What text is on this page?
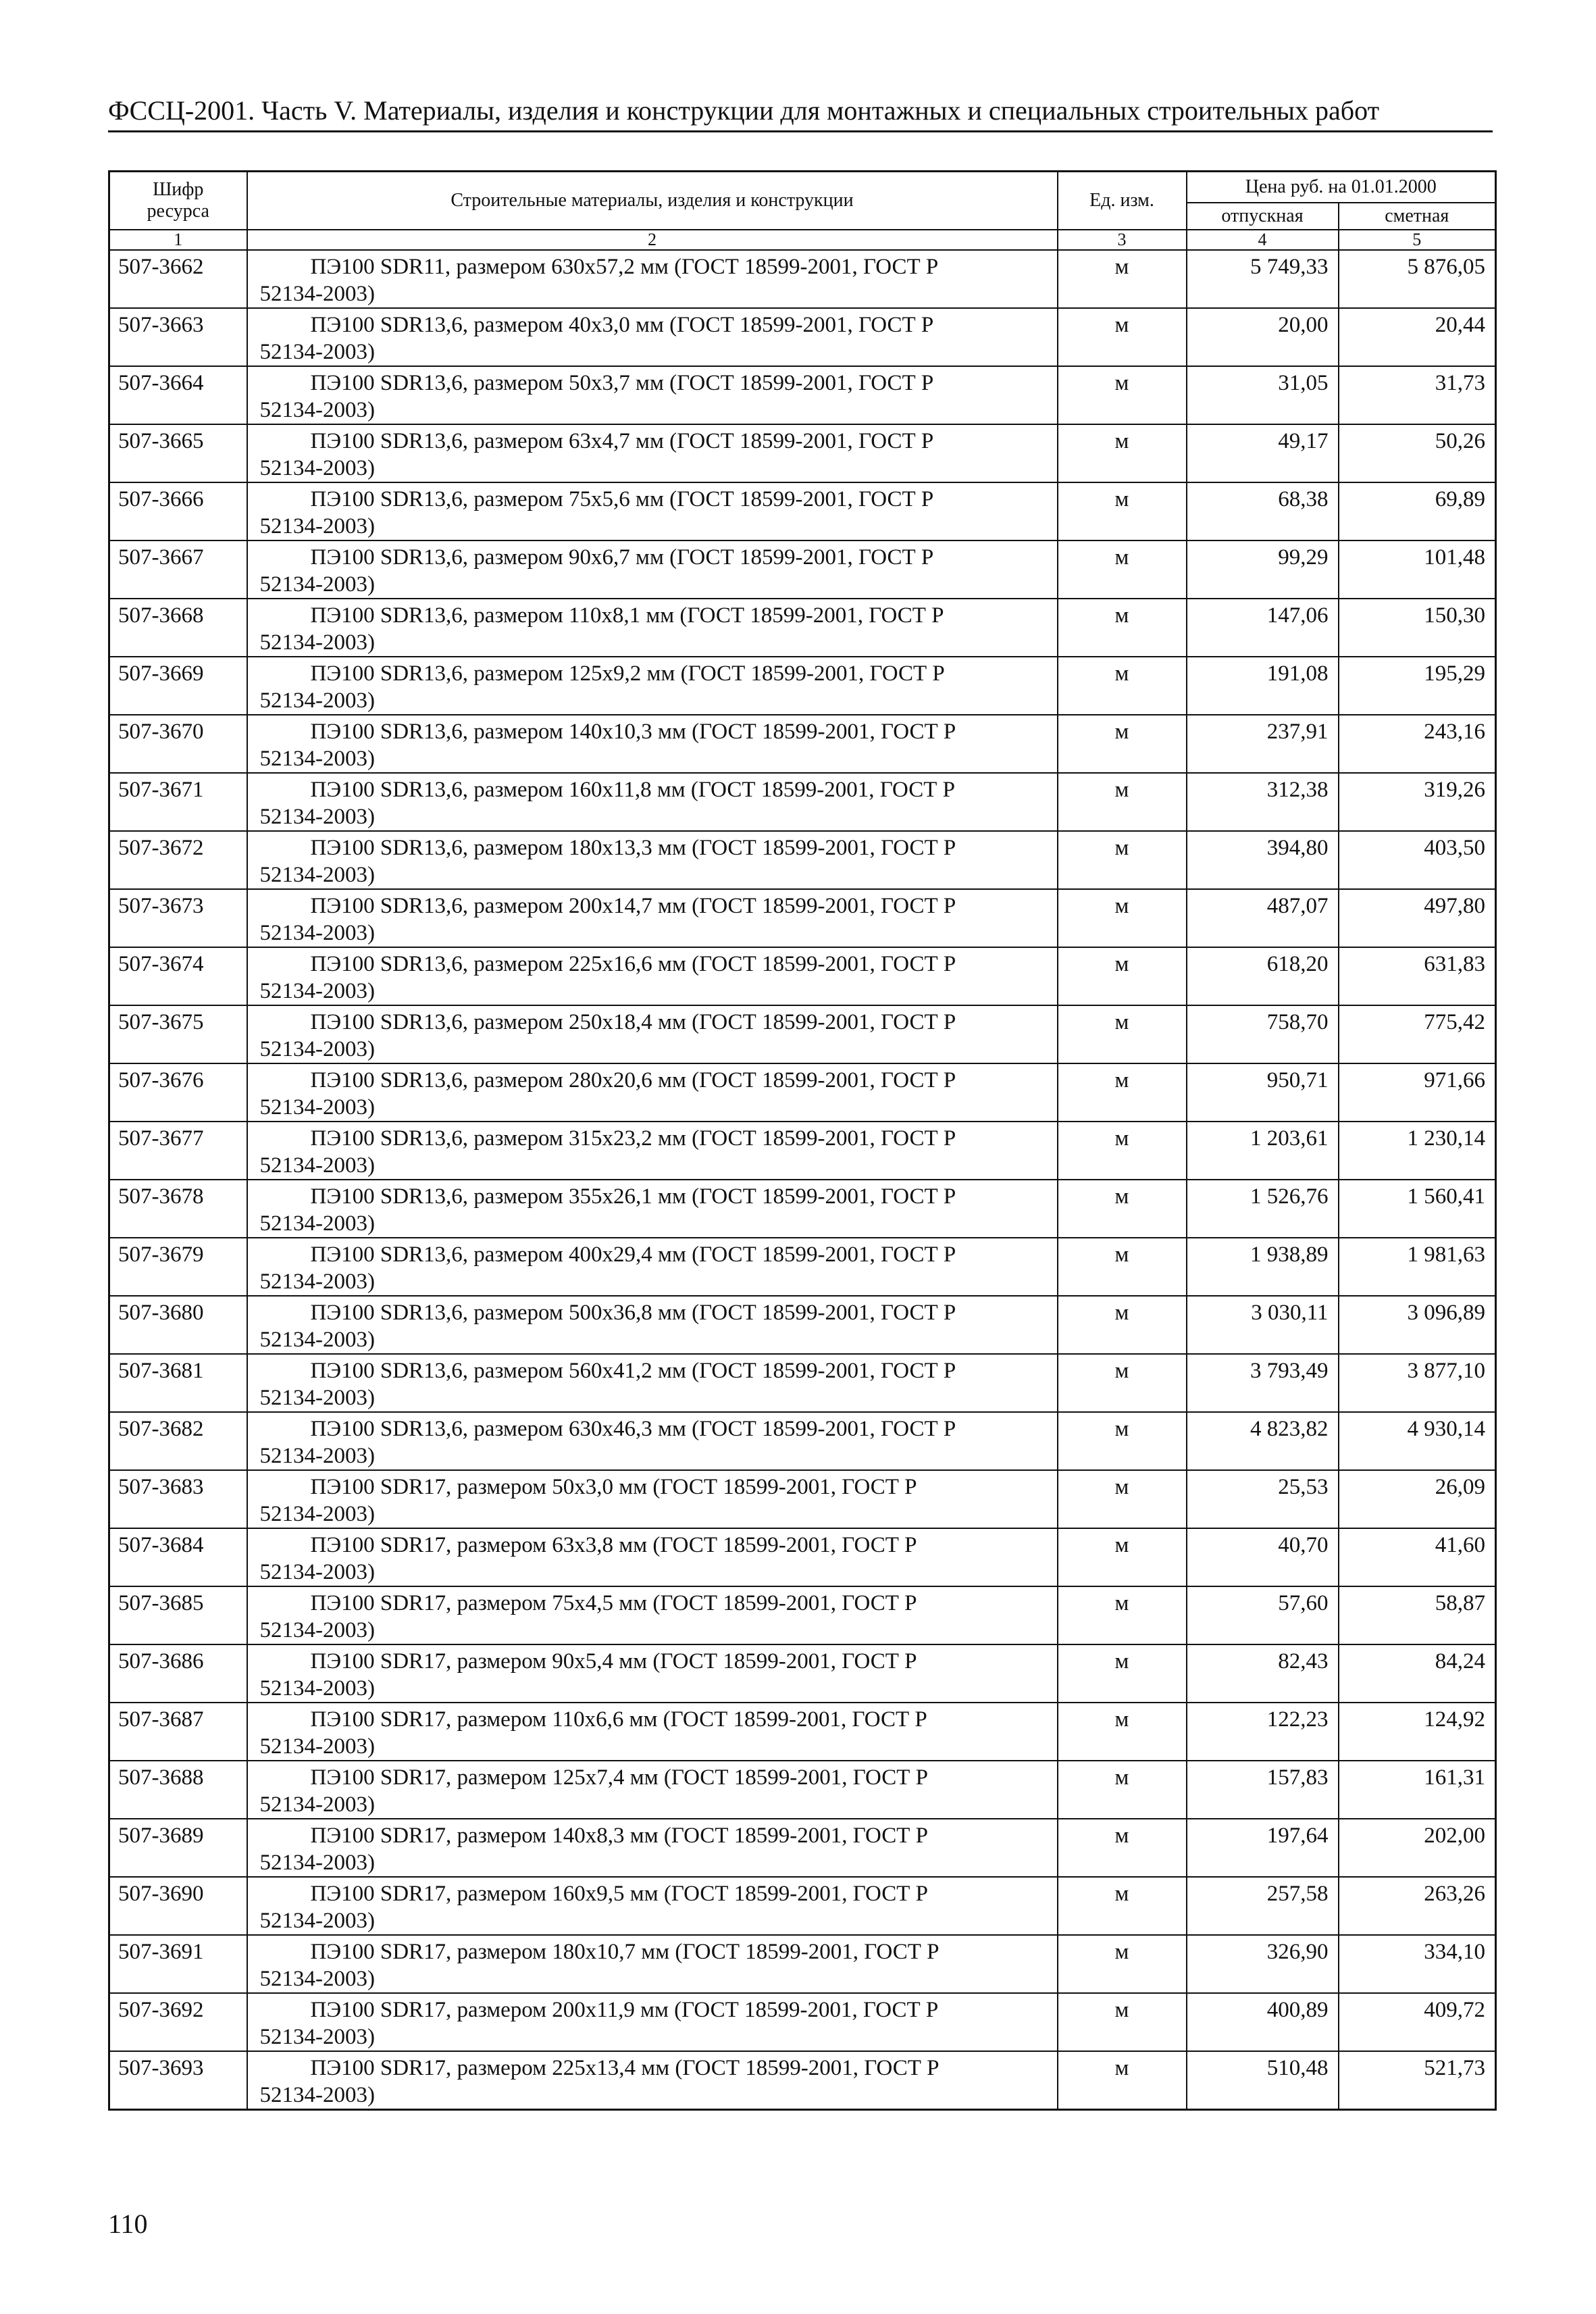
ФССЦ-2001. Часть V. Материалы, изделия и конструкции для монтажных и специальных строительных работ
Шифр ресурса	Строительные материалы, изделия и конструкции	Ед. изм.	Цена руб. на 01.01.2000	
			отпускная	сметная
1	2	3	4	5
507-3662	ПЭ100 SDR11, размером 630x57,2 мм (ГОСТ 18599-2001, ГОСТ Р
52134-2003)	м	5 749,33	5 876,05
507-3663	ПЭ100 SDR13,6, размером 40x3,0 мм (ГОСТ 18599-2001, ГОСТ Р
52134-2003)	м	20,00	20,44
507-3664	ПЭ100 SDR13,6, размером 50x3,7 мм (ГОСТ 18599-2001, ГОСТ Р
52134-2003)	м	31,05	31,73
507-3665	ПЭ100 SDR13,6, размером 63x4,7 мм (ГОСТ 18599-2001, ГОСТ Р
52134-2003)	м	49,17	50,26
507-3666	ПЭ100 SDR13,6, размером 75x5,6 мм (ГОСТ 18599-2001, ГОСТ Р
52134-2003)	м	68,38	69,89
507-3667	ПЭ100 SDR13,6, размером 90x6,7 мм (ГОСТ 18599-2001, ГОСТ Р
52134-2003)	м	99,29	101,48
507-3668	ПЭ100 SDR13,6, размером 110x8,1 мм (ГОСТ 18599-2001, ГОСТ Р
52134-2003)	м	147,06	150,30
507-3669	ПЭ100 SDR13,6, размером 125x9,2 мм (ГОСТ 18599-2001, ГОСТ Р
52134-2003)	м	191,08	195,29
507-3670	ПЭ100 SDR13,6, размером 140x10,3 мм (ГОСТ 18599-2001, ГОСТ Р
52134-2003)	м	237,91	243,16
507-3671	ПЭ100 SDR13,6, размером 160x11,8 мм (ГОСТ 18599-2001, ГОСТ Р
52134-2003)	м	312,38	319,26
507-3672	ПЭ100 SDR13,6, размером 180x13,3 мм (ГОСТ 18599-2001, ГОСТ Р
52134-2003)	м	394,80	403,50
507-3673	ПЭ100 SDR13,6, размером 200x14,7 мм (ГОСТ 18599-2001, ГОСТ Р
52134-2003)	м	487,07	497,80
507-3674	ПЭ100 SDR13,6, размером 225x16,6 мм (ГОСТ 18599-2001, ГОСТ Р
52134-2003)	м	618,20	631,83
507-3675	ПЭ100 SDR13,6, размером 250x18,4 мм (ГОСТ 18599-2001, ГОСТ Р
52134-2003)	м	758,70	775,42
507-3676	ПЭ100 SDR13,6, размером 280x20,6 мм (ГОСТ 18599-2001, ГОСТ Р
52134-2003)	м	950,71	971,66
507-3677	ПЭ100 SDR13,6, размером 315x23,2 мм (ГОСТ 18599-2001, ГОСТ Р
52134-2003)	м	1 203,61	1 230,14
507-3678	ПЭ100 SDR13,6, размером 355x26,1 мм (ГОСТ 18599-2001, ГОСТ Р
52134-2003)	м	1 526,76	1 560,41
507-3679	ПЭ100 SDR13,6, размером 400x29,4 мм (ГОСТ 18599-2001, ГОСТ Р
52134-2003)	м	1 938,89	1 981,63
507-3680	ПЭ100 SDR13,6, размером 500x36,8 мм (ГОСТ 18599-2001, ГОСТ Р
52134-2003)	м	3 030,11	3 096,89
507-3681	ПЭ100 SDR13,6, размером 560x41,2 мм (ГОСТ 18599-2001, ГОСТ Р
52134-2003)	м	3 793,49	3 877,10
507-3682	ПЭ100 SDR13,6, размером 630x46,3 мм (ГОСТ 18599-2001, ГОСТ Р
52134-2003)	м	4 823,82	4 930,14
507-3683	ПЭ100 SDR17, размером 50x3,0 мм (ГОСТ 18599-2001, ГОСТ Р
52134-2003)	м	25,53	26,09
507-3684	ПЭ100 SDR17, размером 63x3,8 мм (ГОСТ 18599-2001, ГОСТ Р
52134-2003)	м	40,70	41,60
507-3685	ПЭ100 SDR17, размером 75x4,5 мм (ГОСТ 18599-2001, ГОСТ Р
52134-2003)	м	57,60	58,87
507-3686	ПЭ100 SDR17, размером 90x5,4 мм (ГОСТ 18599-2001, ГОСТ Р
52134-2003)	м	82,43	84,24
507-3687	ПЭ100 SDR17, размером 110x6,6 мм (ГОСТ 18599-2001, ГОСТ Р
52134-2003)	м	122,23	124,92
507-3688	ПЭ100 SDR17, размером 125x7,4 мм (ГОСТ 18599-2001, ГОСТ Р
52134-2003)	м	157,83	161,31
507-3689	ПЭ100 SDR17, размером 140x8,3 мм (ГОСТ 18599-2001, ГОСТ Р
52134-2003)	м	197,64	202,00
507-3690	ПЭ100 SDR17, размером 160x9,5 мм (ГОСТ 18599-2001, ГОСТ Р
52134-2003)	м	257,58	263,26
507-3691	ПЭ100 SDR17, размером 180x10,7 мм (ГОСТ 18599-2001, ГОСТ Р
52134-2003)	м	326,90	334,10
507-3692	ПЭ100 SDR17, размером 200x11,9 мм (ГОСТ 18599-2001, ГОСТ Р
52134-2003)	м	400,89	409,72
507-3693	ПЭ100 SDR17, размером 225x13,4 мм (ГОСТ 18599-2001, ГОСТ Р
52134-2003)	м	510,48	521,73
110
